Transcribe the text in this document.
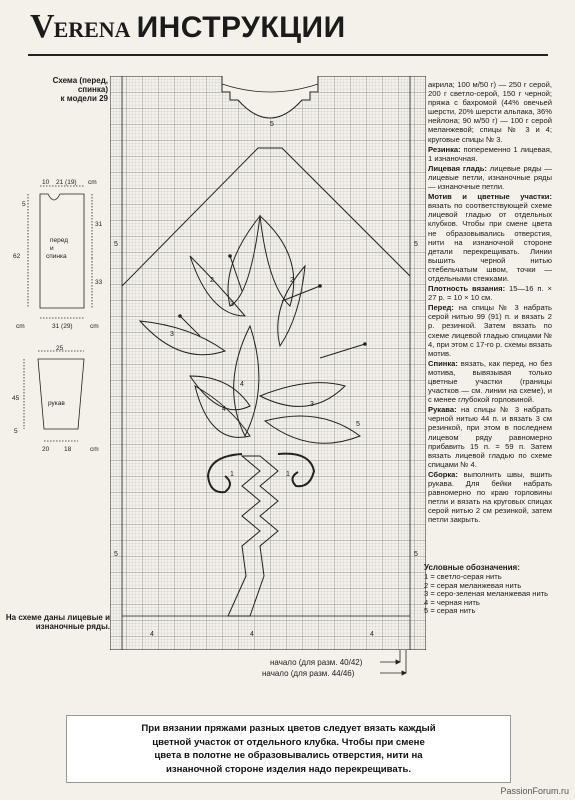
VERENA ИНСТРУКЦИИ
Схема (перед, спинка)
к модели 29
10 21 (19) cm
5
62
31
33
cm	31 (29)	cm
перед
и
спинка
25
45
5
20 18	cm
рукав
На схеме даны лицевые и
изнаночные ряды.
5
5	5
5	5
3
4	4	4
4
4
3
3
2	2
1	1
5
начало (для разм. 40/42)
начало (для разм. 44/46)

акрила; 100 м/50 г) — 250 г серой, 200 г светло-серой, 150 г черной; пряжа с бахромой (44% овечьей шерсти, 20% шерсти альпака, 36% нейлона; 90 м/50 г) — 100 г серой меланжевой; спицы № 3 и 4; круговые спицы № 3.

Резинка: попеременно 1 лицевая, 1 изнаночная.

Лицевая гладь: лицевые ряды — лицевые петли, изнаночные ряды — изнаночные петли.

Мотив и цветные участки: вязать по соответствующей схеме лицевой гладью от отдельных клубков. Чтобы при смене цвета не образовывались отверстия, нити на изнаночной стороне детали перекрещивать. Линии вышить черной нитью стебельчатым швом, точки — отдельными стежками.

Плотность вязания: 15—16 п. × 27 р. = 10 × 10 см.

Перед: на спицы № 3 набрать серой нитью 99 (91) п. и вязать 2 р. резинкой. Затем вязать по схеме лицевой гладью спицами № 4, при этом с 17-го р. схемы вязать мотив.

Спинка: вязать, как перед, но без мотива, вывязывая только цветные участки (границы участков — см. линии на схеме), и с менее глубокой горловиной.

Рукава: на спицы № 3 набрать черной нитью 44 п. и вязать 3 см резинкой, при этом в последнем лицевом ряду равномерно прибавить 15 п. = 59 п. Затем вязать лицевой гладью по схеме спицами № 4.

Сборка: выполнить швы, вшить рукава. Для бейки набрать равномерно по краю горловины петли и вязать на круговых спицах серой нитью 2 см резинкой, затем петли закрыть.

Условные обозначения:
1 = светло-серая нить
2 = серая меланжевая нить
3 = серо-зеленая меланжевая нить
4 = черная нить
5 = серая нить
При вязании пряжами разных цветов следует вязать каждый
цветной участок от отдельного клубка. Чтобы при смене
цвета в полотне не образовывались отверстия, нити на
изнаночной стороне изделия надо перекрещивать.
PassionForum.ru
